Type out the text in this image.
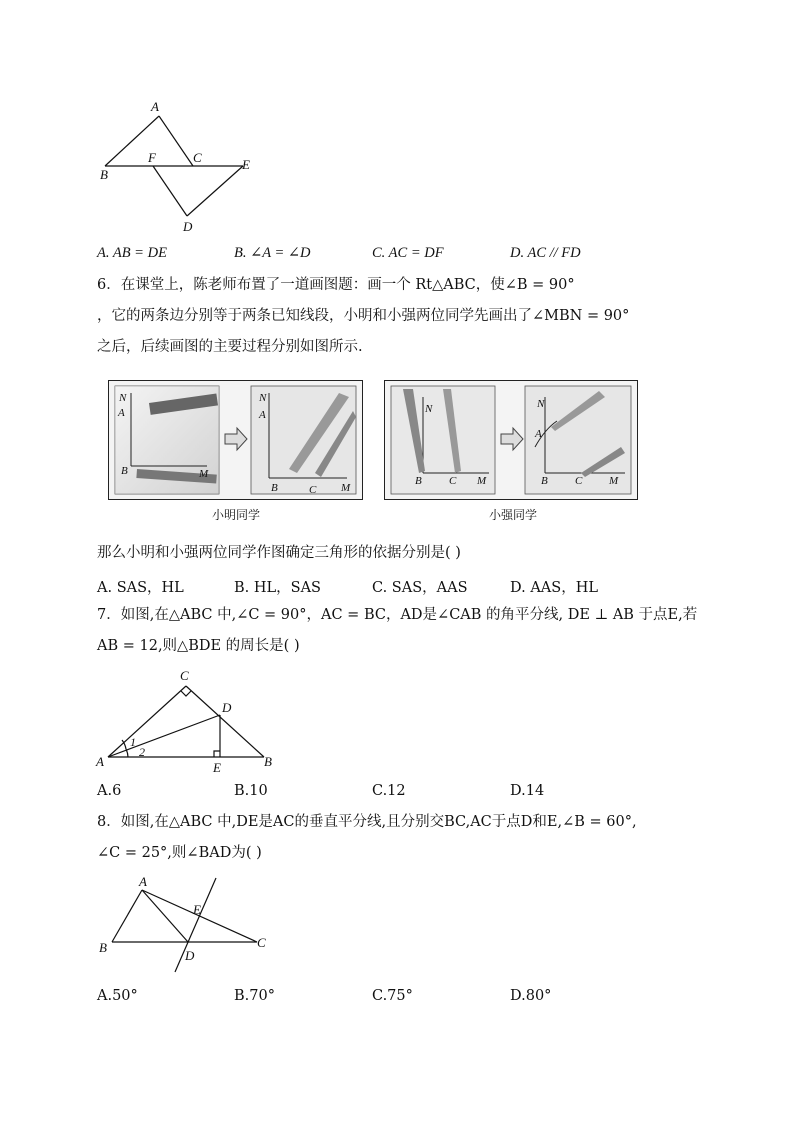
A
B
F	C	E
D
A. AB = DE	B. ∠A = ∠D	C. AC = DF	D. AC // FD
6．在课堂上，陈老师布置了一道画图题：画一个 Rt△ABC，使∠B = 90°
，它的两条边分别等于两条已知线段，小明和小强两位同学先画出了∠MBN = 90°
之后，后续画图的主要过程分别如图所示.
N
A
B	M
N
A
B	C M
N
B C M
N
A
B C M
小明同学	小强同学
那么小明和小强两位同学作图确定三角形的依据分别是( )
A. SAS，HL	B. HL，SAS	C. SAS，AAS	D. AAS，HL
7．如图,在△ABC 中,∠C = 90°，AC = BC，AD是∠CAB 的角平分线, DE ⊥ AB 于点E,若
AB = 12,则△BDE 的周长是( )
C
D
A	B
E
1
2
A.6	B.10	C.12	D.14
8．如图,在△ABC 中,DE是AC的垂直平分线,且分别交BC,AC于点D和E,∠B = 60°,
∠C = 25°,则∠BAD为( )
A
B	C
D
E
A.50°	B.70°	C.75°	D.80°
